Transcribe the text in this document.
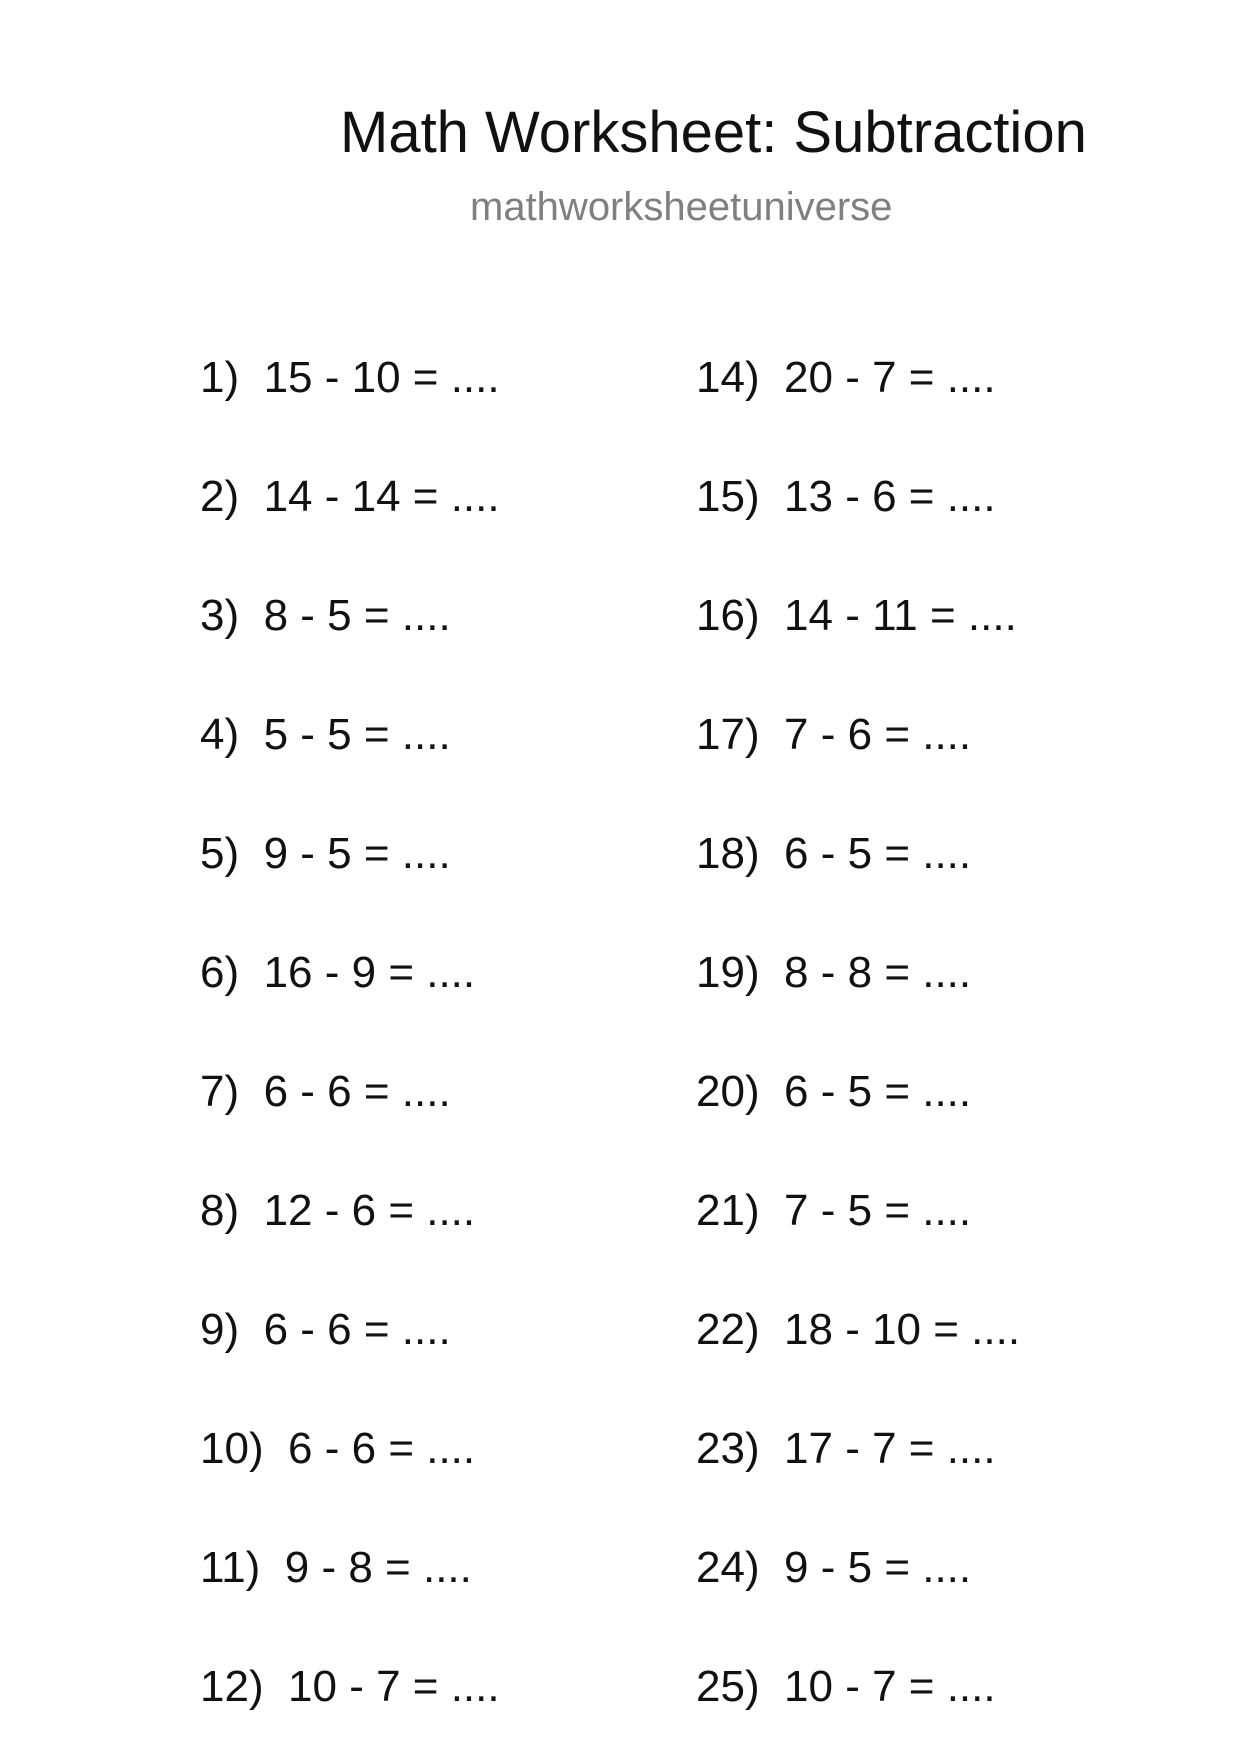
Math Worksheet: Subtraction
mathworksheetuniverse
1) 15 - 10 = ....
2) 14 - 14 = ....
3) 8 - 5 = ....
4) 5 - 5 = ....
5) 9 - 5 = ....
6) 16 - 9 = ....
7) 6 - 6 = ....
8) 12 - 6 = ....
9) 6 - 6 = ....
10) 6 - 6 = ....
11) 9 - 8 = ....
12) 10 - 7 = ....
14) 20 - 7 = ....
15) 13 - 6 = ....
16) 14 - 11 = ....
17) 7 - 6 = ....
18) 6 - 5 = ....
19) 8 - 8 = ....
20) 6 - 5 = ....
21) 7 - 5 = ....
22) 18 - 10 = ....
23) 17 - 7 = ....
24) 9 - 5 = ....
25) 10 - 7 = ....
